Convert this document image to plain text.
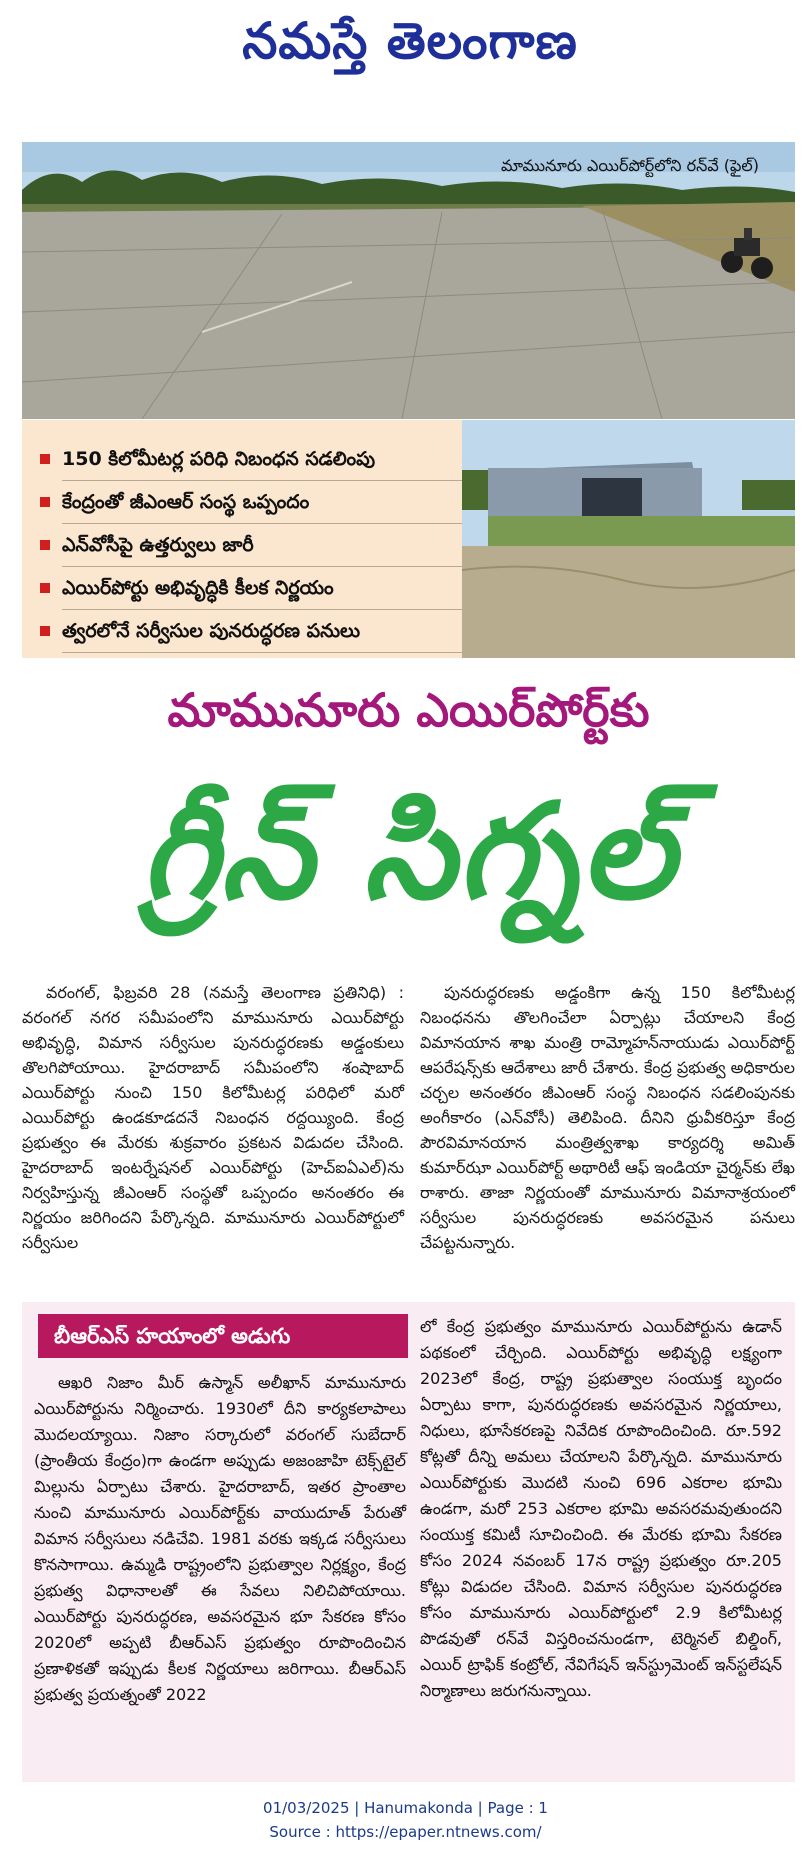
నమస్తే తెలంగాణ
మామునూరు ఎయిర్‌పోర్ట్‌లోని రన్‌వే (ఫైల్)
150 కిలోమీటర్ల పరిధి నిబంధన సడలింపు
కేంద్రంతో జీఎంఆర్ సంస్థ ఒప్పందం
ఎన్‌వోసీపై ఉత్తర్వులు జారీ
ఎయిర్‌పోర్టు అభివృద్ధికి కీలక నిర్ణయం
త్వరలోనే సర్వీసుల పునరుద్ధరణ పనులు
మామునూరు ఎయిర్‌పోర్ట్‌కు
గ్రీన్ సిగ్నల్

వరంగల్, ఫిబ్రవరి 28 (నమస్తే తెలంగాణ ప్రతినిధి) : వరంగల్ నగర సమీపంలోని మామునూరు ఎయిర్‌పోర్టు అభివృద్ధి, విమాన సర్వీసుల పునరుద్ధరణకు అడ్డంకులు తొలగిపోయాయి. హైదరాబాద్ సమీపంలోని శంషాబాద్ ఎయిర్‌పోర్టు నుంచి 150 కిలోమీటర్ల పరిధిలో మరో ఎయిర్‌పోర్టు ఉండకూడదనే నిబంధన రద్దయ్యింది. కేంద్ర ప్రభుత్వం ఈ మేరకు శుక్రవారం ప్రకటన విడుదల చేసింది. హైదరాబాద్ ఇంటర్నేషనల్ ఎయిర్‌పోర్టు (హెచ్ఐఏఎల్)ను నిర్వహిస్తున్న జీఎంఆర్ సంస్థతో ఒప్పందం అనంతరం ఈ నిర్ణయం జరిగిందని పేర్కొన్నది. మామునూరు ఎయిర్‌పోర్టులో సర్వీసుల

పునరుద్ధరణకు అడ్డంకిగా ఉన్న 150 కిలోమీటర్ల నిబంధనను తొలగించేలా ఏర్పాట్లు చేయాలని కేంద్ర విమానయాన శాఖ మంత్రి రామ్మోహన్‌నాయుడు ఎయిర్‌పోర్ట్ ఆపరేషన్స్‌కు ఆదేశాలు జారీ చేశారు. కేంద్ర ప్రభుత్వ అధికారుల చర్చల అనంతరం జీఎంఆర్ సంస్థ నిబంధన సడలింపునకు అంగీకారం (ఎన్‌వోసీ) తెలిపింది. దీనిని ధ్రువీకరిస్తూ కేంద్ర పౌరవిమానయాన మంత్రిత్వశాఖ కార్యదర్శి అమిత్ కుమార్‌ఝా ఎయిర్‌పోర్ట్ అథారిటీ ఆఫ్ ఇండియా చైర్మన్‌కు లేఖ రాశారు. తాజా నిర్ణయంతో మామునూరు విమానాశ్రయంలో సర్వీసుల పునరుద్ధరణకు అవసరమైన పనులు చేపట్టనున్నారు.

బీఆర్ఎస్ హయాంలో అడుగు

ఆఖరి నిజాం మీర్ ఉస్మాన్ అలీఖాన్ మామునూరు ఎయిర్‌పోర్టును నిర్మించారు. 1930లో దీని కార్యకలాపాలు మొదలయ్యాయి. నిజాం సర్కారులో వరంగల్ సుబేదార్ (ప్రాంతీయ కేంద్రం)గా ఉండగా అప్పుడు అజంజాహి టెక్స్‌టైల్ మిల్లును ఏర్పాటు చేశారు. హైదరాబాద్, ఇతర ప్రాంతాల నుంచి మామునూరు ఎయిర్‌పోర్ట్‌కు వాయుదూత్ పేరుతో విమాన సర్వీసులు నడిచేవి. 1981 వరకు ఇక్కడ సర్వీసులు కొనసాగాయి. ఉమ్మడి రాష్ట్రంలోని ప్రభుత్వాల నిర్లక్ష్యం, కేంద్ర ప్రభుత్వ విధానాలతో ఈ సేవలు నిలిచిపోయాయి. ఎయిర్‌పోర్టు పునరుద్ధరణ, అవసరమైన భూ సేకరణ కోసం 2020లో అప్పటి బీఆర్ఎస్ ప్రభుత్వం రూపొందించిన ప్రణాళికతో ఇప్పుడు కీలక నిర్ణయాలు జరిగాయి. బీఆర్ఎస్ ప్రభుత్వ ప్రయత్నంతో 2022

లో కేంద్ర ప్రభుత్వం మామునూరు ఎయిర్‌పోర్టును ఉడాన్ పథకంలో చేర్చింది. ఎయిర్‌పోర్టు అభివృద్ధి లక్ష్యంగా 2023లో కేంద్ర, రాష్ట్ర ప్రభుత్వాల సంయుక్త బృందం ఏర్పాటు కాగా, పునరుద్ధరణకు అవసరమైన నిర్ణయాలు, నిధులు, భూసేకరణపై నివేదిక రూపొందించింది. రూ.592 కోట్లతో దీన్ని అమలు చేయాలని పేర్కొన్నది. మామునూరు ఎయిర్‌పోర్టుకు మొదటి నుంచి 696 ఎకరాల భూమి ఉండగా, మరో 253 ఎకరాల భూమి అవసరమవుతుందని సంయుక్త కమిటీ సూచించింది. ఈ మేరకు భూమి సేకరణ కోసం 2024 నవంబర్ 17న రాష్ట్ర ప్రభుత్వం రూ.205 కోట్లు విడుదల చేసింది. విమాన సర్వీసుల పునరుద్ధరణ కోసం మామునూరు ఎయిర్‌పోర్టులో 2.9 కిలోమీటర్ల పొడవుతో రన్‌వే విస్తరించనుండగా, టెర్మినల్ బిల్డింగ్, ఎయిర్ ట్రాఫిక్ కంట్రోల్, నేవిగేషన్ ఇన్‌స్ట్రుమెంట్ ఇన్‌స్టలేషన్ నిర్మాణాలు జరుగనున్నాయి.

01/03/2025 | Hanumakonda | Page : 1
Source : https://epaper.ntnews.com/
